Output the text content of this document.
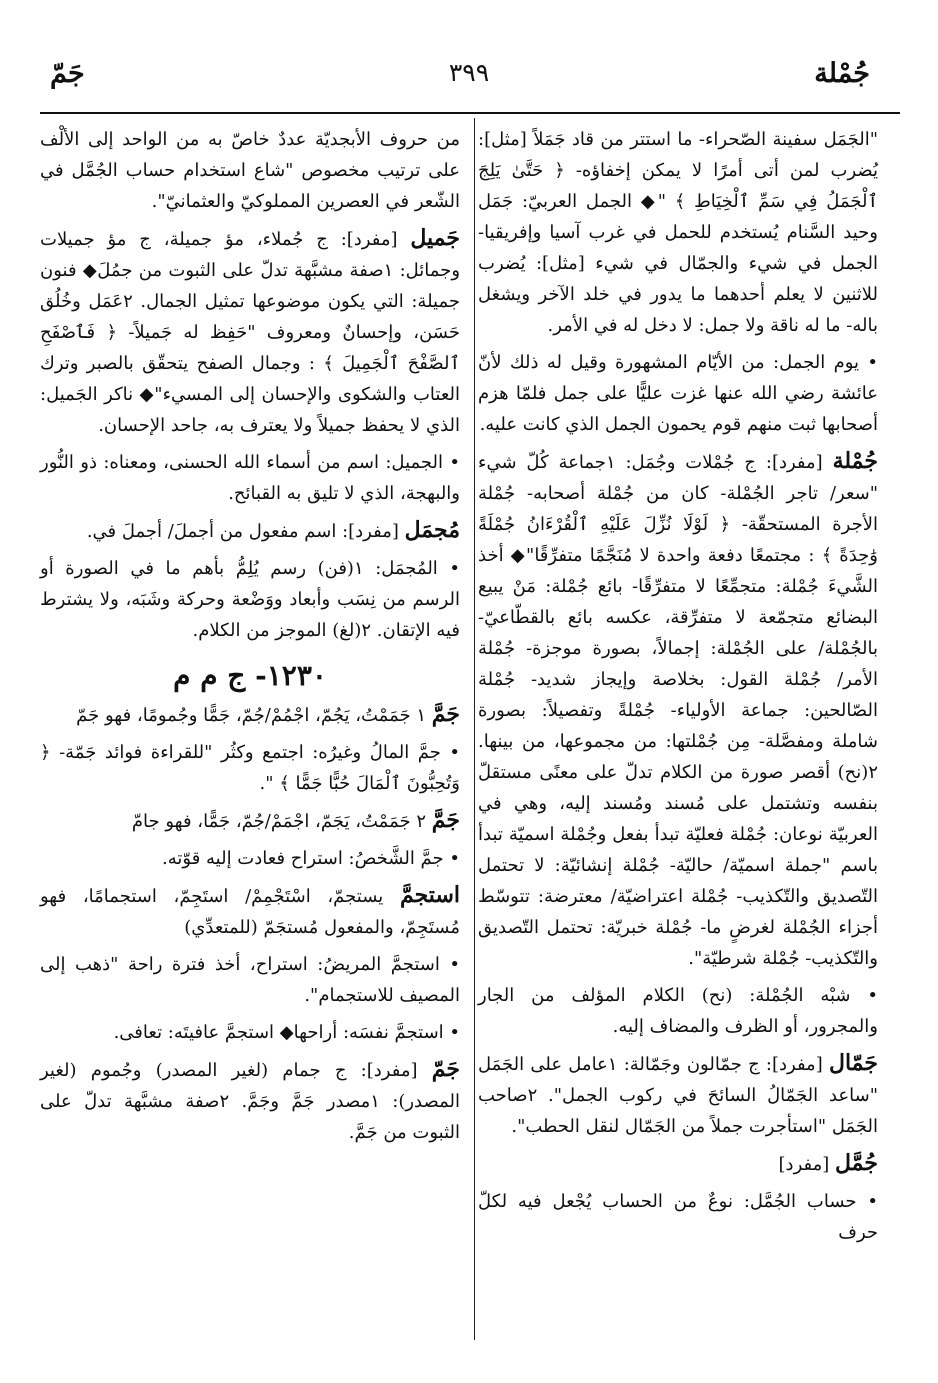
جُمْلة
٣٩٩
جَمّ

"الجَمَل سفينة الصّحراء- ما استتر من قاد جَمَلاً [مثل]: يُضرب لمن أتى أمرًا لا يمكن إخفاؤه- ﴿ حَتَّىٰ يَلِجَ ٱلْجَمَلُ فِي سَمِّ ٱلْخِيَاطِ ﴾ "◆ الجمل العربيّ: جَمَل وحيد السَّنام يُستخدم للحمل في غرب آسيا وإفريقيا- الجمل في شيء والجمّال في شيء [مثل]: يُضرب للاثنين لا يعلم أحدهما ما يدور في خلد الآخر ويشغل باله- ما له ناقة ولا جمل: لا دخل له في الأمر.

• يوم الجمل: من الأيّام المشهورة وقيل له ذلك لأنّ عائشة رضي الله عنها غزت عليًّا على جمل فلمّا هزم أصحابها ثبت منهم قوم يحمون الجمل الذي كانت عليه.

جُمْلة [مفرد]: ج جُمْلات وجُمَل: ١جماعة كُلّ شيء "سعر/ تاجر الجُمْلة- كان من جُمْلة أصحابه- جُمْلة الأجرة المستحقّة- ﴿ لَوْلَا نُزِّلَ عَلَيْهِ ٱلْقُرْءَانُ جُمْلَةً وَٰحِدَةً ﴾ : مجتمعًا دفعة واحدة لا مُنَجَّمًا متفرِّقًا"◆ أخذ الشَّيءَ جُمْلة: متجمِّعًا لا متفرِّقًا- بائع جُمْلة: مَنْ يبيع البضائع متجمّعة لا متفرِّقة، عكسه بائع بالقطّاعيّ- بالجُمْلة/ على الجُمْلة: إجمالاً، بصورة موجزة- جُمْلة الأمر/ جُمْلة القول: بخلاصة وإيجاز شديد- جُمْلة الصّالحين: جماعة الأولياء- جُمْلةً وتفصيلاً: بصورة شاملة ومفصَّلة- مِن جُمْلتها: من مجموعها، من بينها. ٢(نح) أقصر صورة من الكلام تدلّ على معنًى مستقلّ بنفسه وتشتمل على مُسند ومُسند إليه، وهي في العربيّة نوعان: جُمْلة فعليّة تبدأ بفعل وجُمْلة اسميّة تبدأ باسم "جملة اسميّة/ حاليّة- جُمْلة إنشائيّة: لا تحتمل التّصديق والتّكذيب- جُمْلة اعتراضيّة/ معترضة: تتوسّط أجزاء الجُمْلة لغرضٍ ما- جُمْلة خبريّة: تحتمل التّصديق والتّكذيب- جُمْلة شرطيّة".

• شبْه الجُمْلة: (نح) الكلام المؤلف من الجار والمجرور، أو الظرف والمضاف إليه.

جَمّال [مفرد]: ج جمّالون وجَمّالة: ١عامل على الجَمَل "ساعد الجَمّالُ السائحَ في ركوب الجمل". ٢صاحب الجَمَل "استأجرت جملاً من الجَمّال لنقل الحطب".

جُمَّل [مفرد]

• حساب الجُمَّل: نوعٌ من الحساب يُجْعل فيه لكلّ حرف

من حروف الأبجديّة عددٌ خاصّ به من الواحد إلى الألْف على ترتيب مخصوص "شاع استخدام حساب الجُمَّل في الشّعر في العصرين المملوكيّ والعثمانيّ".

جَميل [مفرد]: ج جُملاء، مؤ جميلة، ج مؤ جميلات وجمائل: ١صفة مشبَّهة تدلّ على الثبوت من جمُلَ◆ فنون جميلة: التي يكون موضوعها تمثيل الجمال. ٢عَمَل وخُلُق حَسَن، وإحسانٌ ومعروف "حَفِظ له جَميلاً- ﴿ فَٱصْفَحِ ٱلصَّفْحَ ٱلْجَمِيلَ ﴾ : وجمال الصفح يتحقّق بالصبر وترك العتاب والشكوى والإحسان إلى المسيء"◆ ناكر الجَميل: الذي لا يحفظ جميلاً ولا يعترف به، جاحد الإحسان.

• الجميل: اسم من أسماء الله الحسنى، ومعناه: ذو النُّور والبهجة، الذي لا تليق به القبائح.

مُجمَل [مفرد]: اسم مفعول من أجملَ/ أجملَ في.

• المُجمَل: ١(فن) رسم يُلِمُّ بأهم ما في الصورة أو الرسم من نِسَب وأبعاد ووَضْعة وحركة وشَبَه، ولا يشترط فيه الإتقان. ٢(لغ) الموجز من الكلام.

١٢٣٠- ج م م

جَمَّ ١ جَمَمْتُ، يَجُمّ، اجْمُمْ/جُمّ، جَمًّا وجُمومًا، فهو جَمّ

• جمَّ المالُ وغيرُه: اجتمع وكثُر "للقراءة فوائد جَمّة- ﴿ وَتُحِبُّونَ ٱلْمَالَ حُبًّا جَمًّا ﴾ ".

جَمَّ ٢ جَمَمْتُ، يَجَمّ، اجْمَمْ/جُمّ، جَمًّا، فهو جامّ

• جمَّ الشَّخصُ: استراح فعادت إليه قوّته.

استجمَّ يستجمّ، اسْتَجْمِمْ/ استَجِمّ، استجمامًا، فهو مُستَجِمّ، والمفعول مُستجَمّ (للمتعدِّي)

• استجمَّ المريضُ: استراح، أخذ فترة راحة "ذهب إلى المصيف للاستجمام".

• استجمَّ نفسَه: أراحها◆ استجمَّ عافيتَه: تعافى.

جَمّ [مفرد]: ج جمام (لغير المصدر) وجُموم (لغير المصدر): ١مصدر جَمَّ وجَمَّ. ٢صفة مشبَّهة تدلّ على الثبوت من جَمَّ.
